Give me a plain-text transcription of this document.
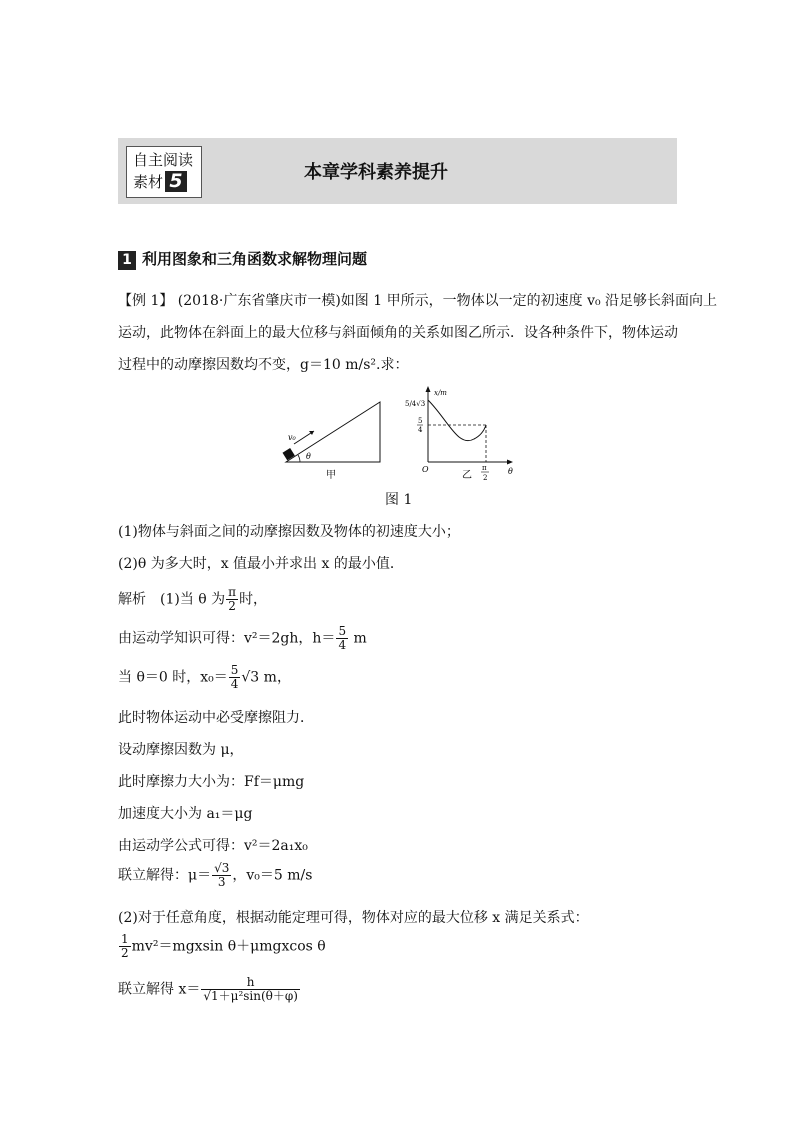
自主阅读
素材 5	本章学科素养提升
1 利用图象和三角函数求解物理问题
【例 1】 (2018·广东省肇庆市一模)如图 1 甲所示，一物体以一定的初速度 v₀ 沿足够长斜面向上
运动，此物体在斜面上的最大位移与斜面倾角的关系如图乙所示．设各种条件下，物体运动
过程中的动摩擦因数均不变，g＝10 m/s².求：
v₀
θ
甲
x/m
5/4√3
5
4
O	π
2
θ
乙
图 1
(1)物体与斜面之间的动摩擦因数及物体的初速度大小；
(2)θ 为多大时，x 值最小并求出 x 的最小值．
解析　(1)当 θ 为 $\frac{\pi}{2}$ 时，
由运动学知识可得：v²＝2gh，$h= \frac{5}{4}$ m
当 θ＝0 时，$x_0= \frac{5}{4} √3$ m，
此时物体运动中必受摩擦阻力．
设动摩擦因数为 μ，
此时摩擦力大小为：Ff＝μmg
加速度大小为 a₁＝μg
由运动学公式可得：v²＝2a₁x₀
联立解得：$\mu= \frac{√3}{3}$ ，v₀＝5 m/s
(2)对于任意角度，根据动能定理可得，物体对应的最大位移 x 满足关系式：
$\frac{1}{2} mv^2=mgxsin$ θ＋μmgxcos θ
联立解得 $x= \frac{h}{\text{√1＋μ²sin(θ＋φ)}}$
